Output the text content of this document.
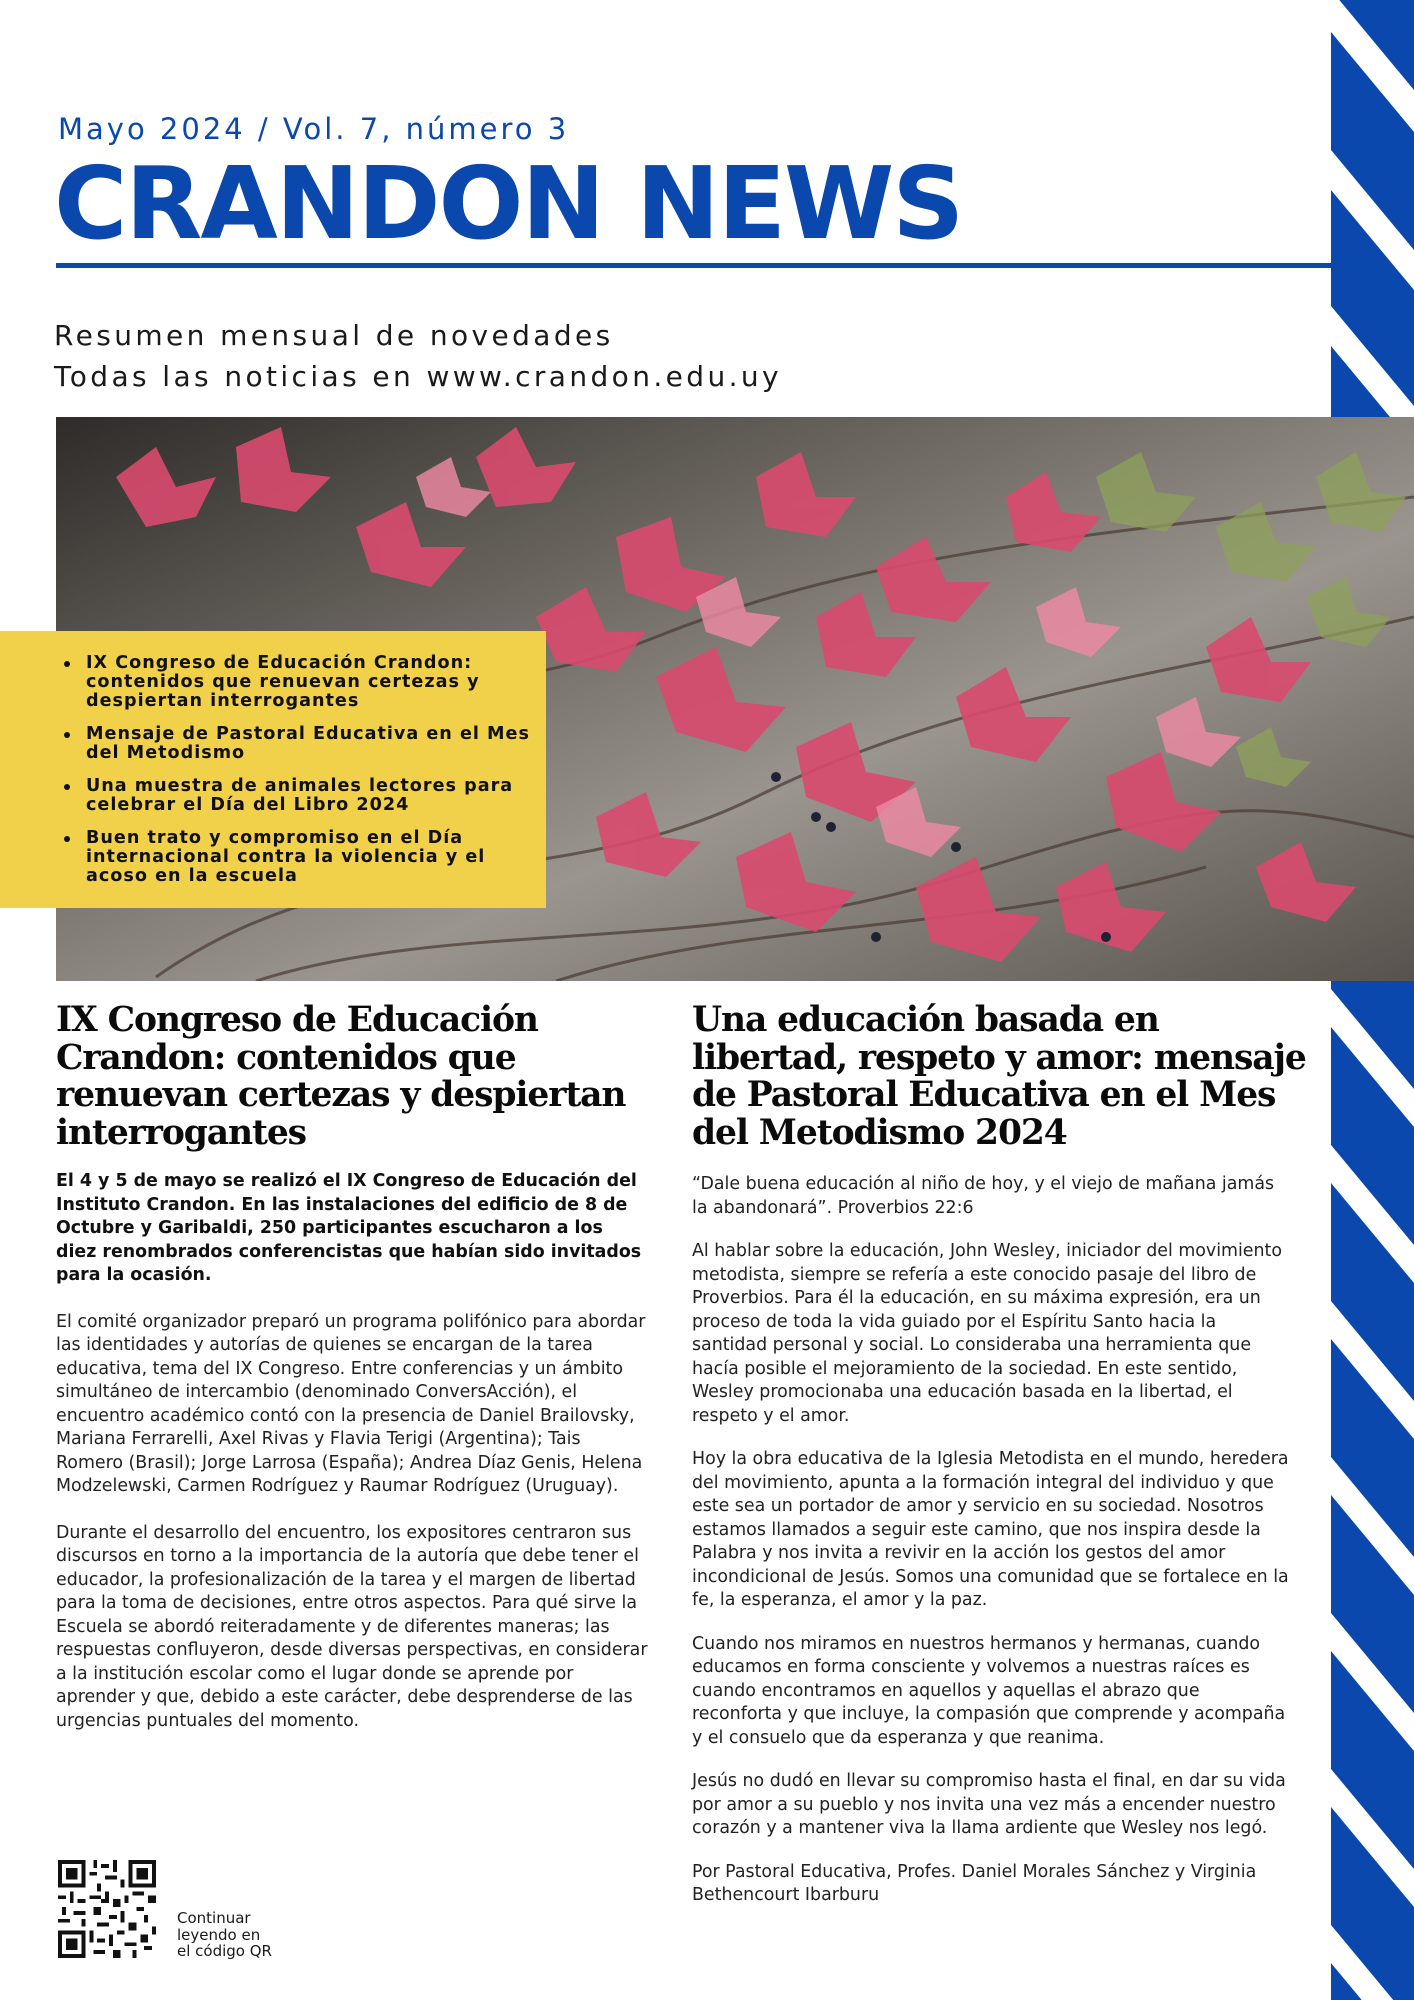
Mayo 2024 / Vol. 7, número 3
CRANDON NEWS
Resumen mensual de novedades
Todas las noticias en www.crandon.edu.uy
IX Congreso de Educación Crandon: contenidos que renuevan certezas y despiertan interrogantes
Mensaje de Pastoral Educativa en el Mes del Metodismo
Una muestra de animales lectores para celebrar el Día del Libro 2024
Buen trato y compromiso en el Día internacional contra la violencia y el acoso en la escuela
IX Congreso de Educación Crandon: contenidos que renuevan certezas y despiertan interrogantes
Una educación basada en libertad, respeto y amor: mensaje de Pastoral Educativa en el Mes del Metodismo 2024

El 4 y 5 de mayo se realizó el IX Congreso de Educación del Instituto Crandon. En las instalaciones del edificio de 8 de Octubre y Garibaldi, 250 participantes escucharon a los diez renombrados conferencistas que habían sido invitados para la ocasión.

El comité organizador preparó un programa polifónico para abordar las identidades y autorías de quienes se encargan de la tarea educativa, tema del IX Congreso. Entre conferencias y un ámbito simultáneo de intercambio (denominado ConversAcción), el encuentro académico contó con la presencia de Daniel Brailovsky, Mariana Ferrarelli, Axel Rivas y Flavia Terigi (Argentina); Tais Romero (Brasil); Jorge Larrosa (España); Andrea Díaz Genis, Helena Modzelewski, Carmen Rodríguez y Raumar Rodríguez (Uruguay).

Durante el desarrollo del encuentro, los expositores centraron sus discursos en torno a la importancia de la autoría que debe tener el educador, la profesionalización de la tarea y el margen de libertad para la toma de decisiones, entre otros aspectos. Para qué sirve la Escuela se abordó reiteradamente y de diferentes maneras; las respuestas confluyeron, desde diversas perspectivas, en considerar a la institución escolar como el lugar donde se aprende por aprender y que, debido a este carácter, debe desprenderse de las urgencias puntuales del momento.

“Dale buena educación al niño de hoy, y el viejo de mañana jamás la abandonará”. Proverbios 22:6

Al hablar sobre la educación, John Wesley, iniciador del movimiento metodista, siempre se refería a este conocido pasaje del libro de Proverbios. Para él la educación, en su máxima expresión, era un proceso de toda la vida guiado por el Espíritu Santo hacia la santidad personal y social. Lo consideraba una herramienta que hacía posible el mejoramiento de la sociedad. En este sentido, Wesley promocionaba una educación basada en la libertad, el respeto y el amor.

Hoy la obra educativa de la Iglesia Metodista en el mundo, heredera del movimiento, apunta a la formación integral del individuo y que este sea un portador de amor y servicio en su sociedad. Nosotros estamos llamados a seguir este camino, que nos inspira desde la Palabra y nos invita a revivir en la acción los gestos del amor incondicional de Jesús. Somos una comunidad que se fortalece en la fe, la esperanza, el amor y la paz.

Cuando nos miramos en nuestros hermanos y hermanas, cuando educamos en forma consciente y volvemos a nuestras raíces es cuando encontramos en aquellos y aquellas el abrazo que reconforta y que incluye, la compasión que comprende y acompaña y el consuelo que da esperanza y que reanima.

Jesús no dudó en llevar su compromiso hasta el final, en dar su vida por amor a su pueblo y nos invita una vez más a encender nuestro corazón y a mantener viva la llama ardiente que Wesley nos legó.

Por Pastoral Educativa, Profes. Daniel Morales Sánchez y Virginia Bethencourt Ibarburu

Continuar
leyendo en
el código QR
